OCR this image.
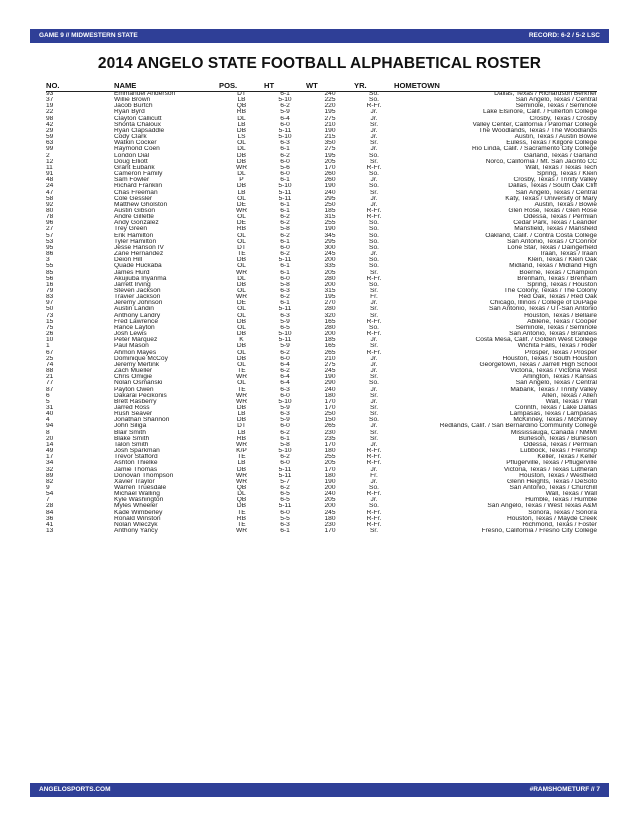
GAME 9 // MIDWESTERN STATE	RECORD: 6-2 / 5-2 LSC
2014 ANGELO STATE FOOTBALL ALPHABETICAL ROSTER
NO.	NAME	POS.	HT	WT	YR.	HOMETOWN
93	Emmanuel Anderson	DT	6-1	240	So.	Dallas, Texas / Richardson Berkner
37	Willie Brown	LB	5-10	225	So.	San Angelo, Texas / Central
19	Jacob Burtch	QB	6-2	220	R-Fr.	Seminole, Texas / Seminole
22	Ryan Byrd	RB	5-9	195	Jr.	Lake Elsinore, Calif. / Fullerton College
98	Clayton Callicutt	DL	6-4	275	Jr.	Crosby, Texas / Crosby
42	Shonta Chaloux	LB	6-0	210	Sr.	Valley Center, California / Palomar College
29	Ryan Clapsaddle	DB	5-11	190	Jr.	The Woodlands, Texas / The Woodlands
59	Cody Clark	LS	5-10	215	Jr.	Austin, Texas / Austin Bowie
63	Watkin Cocker	OL	6-3	350	Sr.	Euless, Texas / Kilgore College
99	Raymond Coen	DL	6-1	275	Jr.	Rio Linda, Calif. / Sacramento City College
2	London Dial	DB	6-2	195	So.	Garland, Texas / Garland
12	Doug Elliott	DB	6-0	205	Sr.	Norco, California / Mt. San Jacinto CC
11	Grant Eubank	WR	5-6	170	R-Fr.	Wall, Texas / Texas Tech
91	Cameron Family	DL	6-0	260	So.	Spring, Texas / Klein
48	Sam Fowler	P	6-1	260	Jr.	Crosby, Texas / Trinity Valley
24	Richard Franklin	DB	5-10	190	So.	Dallas, Texas / South Oak Cliff
47	Chas Freeman	LB	5-11	240	Sr.	San Angelo, Texas / Central
58	Cole Gessler	OL	5-11	295	Jr.	Katy, Texas / University of Mary
92	Matthew Gholston	DE	6-1	250	Jr.	Austin, Texas / Bowie
80	Austin Gibson	WR	6-1	185	R-Fr.	Glen Rose, Texas / Glen Rose
78	Andre Gillette	OL	6-2	315	R-Fr.	Odessa, Texas / Permian
96	Andy Gonzalez	DE	6-2	255	So.	Cedar Park, Texas / Leander
27	Trey Green	RB	5-8	190	So.	Mansfield, Texas / Mansfield
57	Erik Hamilton	OL	6-2	345	So.	Oakland, Calif. / Contra Costa College
53	Tyler Hamilton	OL	6-1	295	So.	San Antonio, Texas / O'Connor
95	Jesse Hanson IV	DT	6-0	300	So.	Lone Star, Texas / Daingerfield
86	Zane Hernandez	TE	6-2	245	Jr.	Iraan, Texas / Iraan
3	Deion Hill	DB	5-11	200	So.	Klein, Texas / Klein Oak
55	Quade Huckaba	OL	6-1	335	So.	Midland, Texas / Midland High
85	James Hurd	WR	6-1	205	Sr.	Boerne, Texas / Champion
56	Akujiuba Inyanma	DL	6-0	280	R-Fr.	Brenham, Texas / Brenham
16	Jarrett Irving	DB	5-8	200	So.	Spring, Texas / Houston
79	Steven Jackson	OL	6-3	315	Sr.	The Colony, Texas / The Colony
83	Travier Jackson	WR	6-2	195	Fr.	Red Oak, Texas / Red Oak
97	Jeremy Johnson	DE	6-1	270	Jr.	Chicago, Illinois / College of DuPage
50	Austin Landin	OL	5-11	280	Sr.	San Antonio, Texas / UT-San Antonio
73	Anthony Landry	OL	6-3	320	Sr.	Houston, Texas / Bellaire
15	Fred Lawrence	DB	5-9	165	R-Fr.	Abilene, Texas / Cooper
75	Rance Layton	OL	6-5	280	So.	Seminole, Texas / Seminole
26	Josh Lewis	DB	5-10	200	R-Fr.	San Antonio, Texas / Brandeis
10	Peter Marquez	K	5-11	185	Jr.	Costa Mesa, Calif. / Golden West College
1	Paul Mason	DB	5-9	165	Sr.	Wichita Falls, Texas / Rider
67	Ahmon Mayes	OL	6-2	265	R-Fr.	Prosper, Texas / Prosper
25	Dominique McCoy	DB	6-0	210	Jr.	Houston, Texas / South Houston
74	Jeremy Mertink	OL	6-4	275	Jr.	Georgetown, Texas / Jarrell High School
88	Zach Mueller	TE	6-2	245	Jr.	Victoria, Texas / Victoria West
21	Chris Omigie	WR	6-4	190	Sr.	Arlington, Texas / Kansas
77	Nolan Osmanski	OL	6-4	290	So.	San Angelo, Texas / Central
87	Payton Owen	TE	6-3	240	Jr.	Mabank, Texas / Trinity Valley
6	Dakarai Pecikonis	WR	6-0	180	Sr.	Allen, Texas / Allen
5	Brett Rasberry	WR	5-10	170	Jr.	Wall, Texas / Wall
31	Jarred Ross	DB	5-9	170	Sr.	Corinth, Texas / Lake Dallas
40	Rush Seaver	LB	6-3	250	Sr.	Lampasas, Texas / Lampasas
4	Jonathan Shannon	DB	5-9	150	So.	McKinney, Texas / McKinney
94	John Siliga	DT	6-0	265	Jr.	Redlands, Calif. / San Bernardino Community College
8	Blair Smith	LB	6-2	230	Sr.	Mississauga, Canada / NMMI
20	Blake Smith	RB	6-1	235	Sr.	Burleson, Texas / Burleson
14	Talon Smith	WR	5-8	170	Jr.	Odessa, Texas / Permian
49	Josh Sparkman	K/P	5-10	180	R-Fr.	Lubbock, Texas / Frenship
17	Trevor Stafford	TE	6-2	255	R-Fr.	Keller, Texas / Keller
34	Ashton Thielke	LB	6-0	205	R-Fr.	Pflugerville, Texas / Pflugerville
32	Jamie Thomas	DB	5-11	170	Jr.	Victoria, Texas / Texas Lutheran
89	Donovan Thompson	WR	5-11	180	Fr.	Houston, Texas / Westfield
82	Xavier Traylor	WR	5-7	190	Jr.	Glenn Heights, Texas / DeSoto
9	Warren Truesdale	QB	6-2	200	So.	San Antonio, Texas / Churchill
54	Michael Walling	DL	6-5	240	R-Fr.	Wall, Texas / Wall
7	Kyle Washington	QB	6-5	205	Jr.	Humble, Texas / Humble
28	Myles Wheeler	DB	5-11	200	So.	San Angelo, Texas / West Texas A&M
84	Kade Wimberley	TE	6-0	245	R-Fr.	Sonora, Texas / Sonora
36	Ronald Winston	RB	5-5	180	R-Fr.	Houston, Texas / Mayde Creek
41	Nolan Wleczyk	TE	6-3	230	R-Fr.	Richmond, Texas / Foster
13	Anthony Yancy	WR	6-1	170	Sr.	Fresno, California / Fresno City College
ANGELOSPORTS.COM	#RAMSHOMETURF // 7
